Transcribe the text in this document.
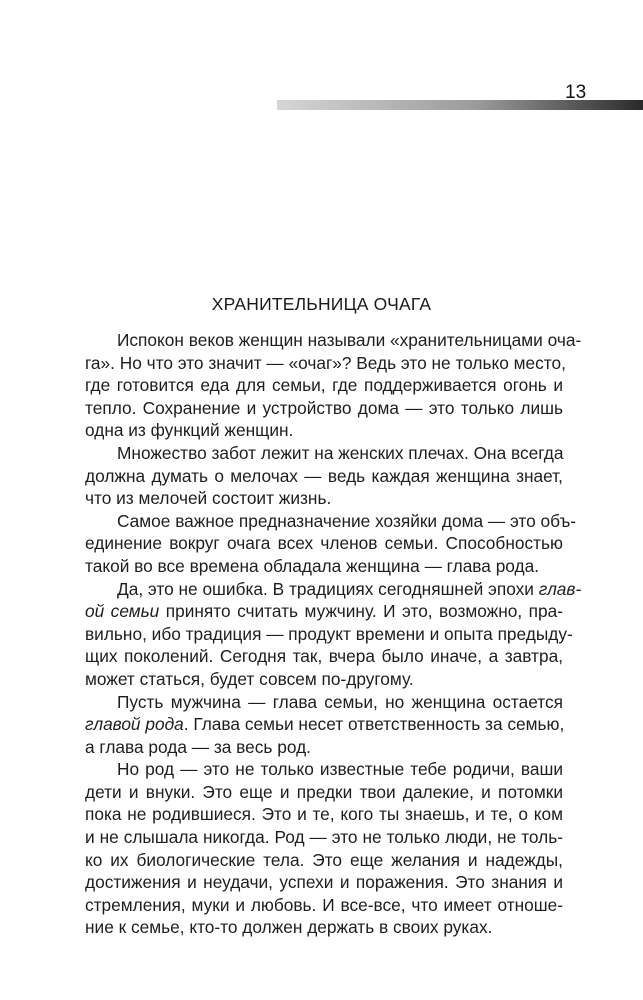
13
ХРАНИТЕЛЬНИЦА ОЧАГА
Испокон веков женщин называли «хранительницами оча-
га». Но что это значит — «очаг»? Ведь это не только место,
где готовится еда для семьи, где поддерживается огонь и
тепло. Сохранение и устройство дома — это только лишь
одна из функций женщин.
Множество забот лежит на женских плечах. Она всегда
должна думать о мелочах — ведь каждая женщина знает,
что из мелочей состоит жизнь.
Самое важное предназначение хозяйки дома — это объ-
единение вокруг очага всех членов семьи. Способностью
такой во все времена обладала женщина — глава рода.
Да, это не ошибка. В традициях сегодняшней эпохи глав-
ой семьи принято считать мужчину. И это, возможно, пра-
вильно, ибо традиция — продукт времени и опыта предыду-
щих поколений. Сегодня так, вчера было иначе, а завтра,
может статься, будет совсем по-другому.
Пусть мужчина — глава семьи, но женщина остается
главой рода. Глава семьи несет ответственность за семью,
а глава рода — за весь род.
Но род — это не только известные тебе родичи, ваши
дети и внуки. Это еще и предки твои далекие, и потомки
пока не родившиеся. Это и те, кого ты знаешь, и те, о ком
и не слышала никогда. Род — это не только люди, не толь-
ко их биологические тела. Это еще желания и надежды,
достижения и неудачи, успехи и поражения. Это знания и
стремления, муки и любовь. И все-все, что имеет отноше-
ние к семье, кто-то должен держать в своих руках.
